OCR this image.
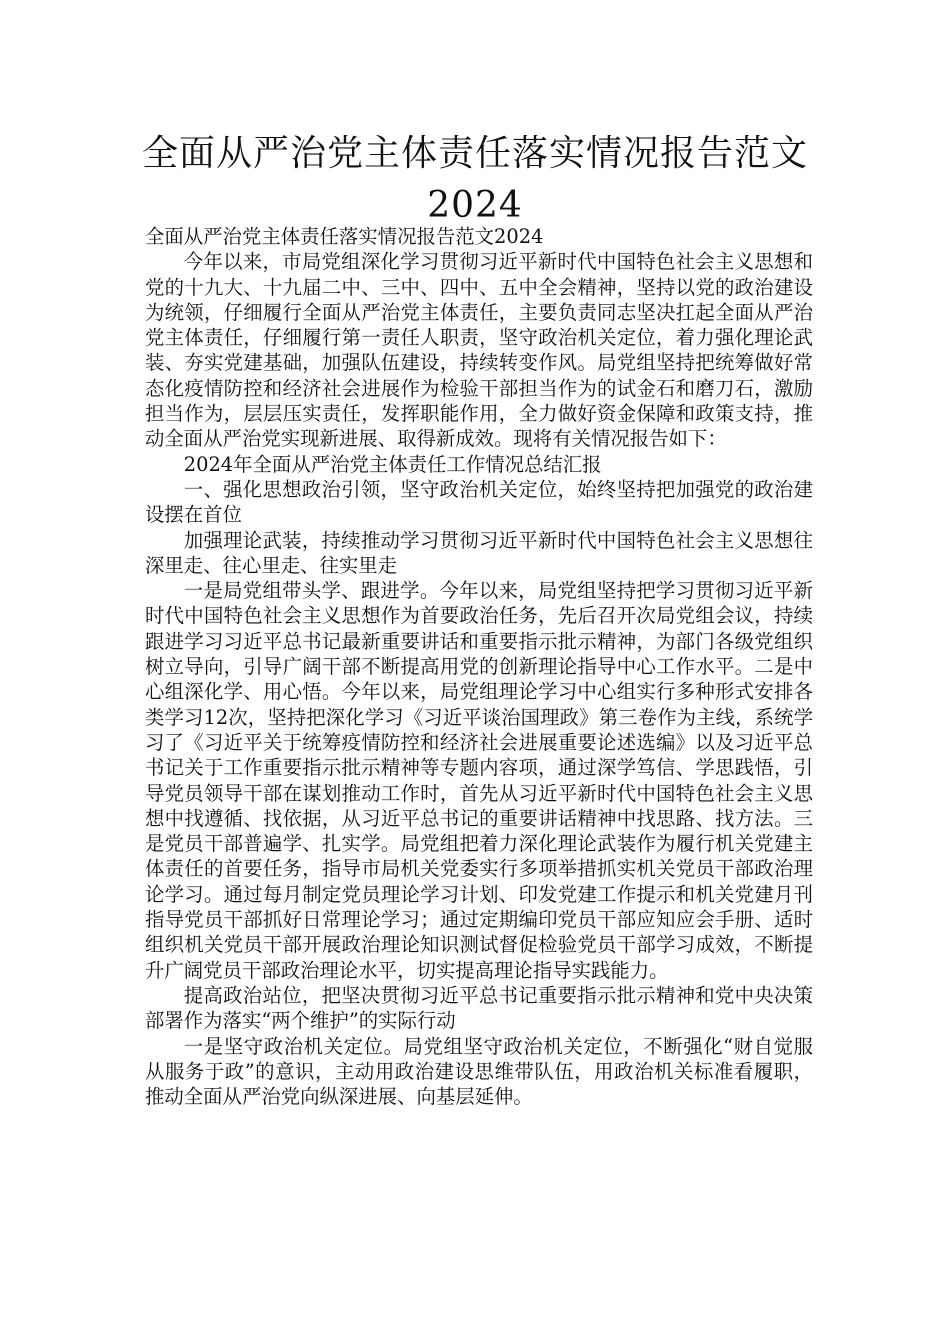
全面从严治党主体责任落实情况报告范文2024

全面从严治党主体责任落实情况报告范文2024

今年以来，市局党组深化学习贯彻习近平新时代中国特色社会主义思想和党的十九大、十九届二中、三中、四中、五中全会精神，坚持以党的政治建设为统领，仔细履行全面从严治党主体责任，主要负责同志坚决扛起全面从严治党主体责任，仔细履行第一责任人职责，坚守政治机关定位，着力强化理论武装、夯实党建基础，加强队伍建设，持续转变作风。局党组坚持把统筹做好常态化疫情防控和经济社会进展作为检验干部担当作为的试金石和磨刀石，激励担当作为，层层压实责任，发挥职能作用，全力做好资金保障和政策支持，推动全面从严治党实现新进展、取得新成效。现将有关情况报告如下：

2024年全面从严治党主体责任工作情况总结汇报

一、强化思想政治引领，坚守政治机关定位，始终坚持把加强党的政治建设摆在首位

加强理论武装，持续推动学习贯彻习近平新时代中国特色社会主义思想往深里走、往心里走、往实里走

一是局党组带头学、跟进学。今年以来，局党组坚持把学习贯彻习近平新时代中国特色社会主义思想作为首要政治任务，先后召开次局党组会议，持续跟进学习习近平总书记最新重要讲话和重要指示批示精神，为部门各级党组织树立导向，引导广阔干部不断提高用党的创新理论指导中心工作水平。二是中心组深化学、用心悟。今年以来，局党组理论学习中心组实行多种形式安排各类学习12次，坚持把深化学习《习近平谈治国理政》第三卷作为主线，系统学习了《习近平关于统筹疫情防控和经济社会进展重要论述选编》以及习近平总书记关于工作重要指示批示精神等专题内容项，通过深学笃信、学思践悟，引导党员领导干部在谋划推动工作时，首先从习近平新时代中国特色社会主义思想中找遵循、找依据，从习近平总书记的重要讲话精神中找思路、找方法。三是党员干部普遍学、扎实学。局党组把着力深化理论武装作为履行机关党建主体责任的首要任务，指导市局机关党委实行多项举措抓实机关党员干部政治理论学习。通过每月制定党员理论学习计划、印发党建工作提示和机关党建月刊指导党员干部抓好日常理论学习；通过定期编印党员干部应知应会手册、适时组织机关党员干部开展政治理论知识测试督促检验党员干部学习成效，不断提升广阔党员干部政治理论水平，切实提高理论指导实践能力。

提高政治站位，把坚决贯彻习近平总书记重要指示批示精神和党中央决策部署作为落实“两个维护”的实际行动

一是坚守政治机关定位。局党组坚守政治机关定位，不断强化“财自觉服从服务于政”的意识，主动用政治建设思维带队伍，用政治机关标准看履职，推动全面从严治党向纵深进展、向基层延伸。
